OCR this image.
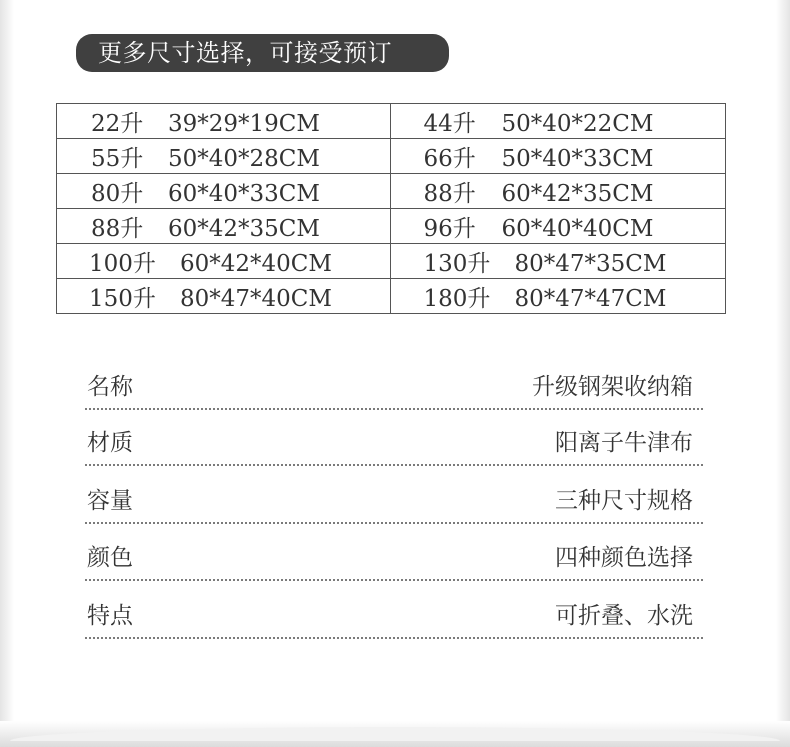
更多尺寸选择，可接受预订
22升 39*29*19CM	44升 50*40*22CM
55升 50*40*28CM	66升 50*40*33CM
80升 60*40*33CM	88升 60*42*35CM
88升 60*42*35CM	96升 60*40*40CM
100升 60*42*40CM	130升 80*47*35CM
150升 80*47*40CM	180升 80*47*47CM
名称	升级钢架收纳箱
材质	阳离子牛津布
容量	三种尺寸规格
颜色	四种颜色选择
特点	可折叠、水洗
